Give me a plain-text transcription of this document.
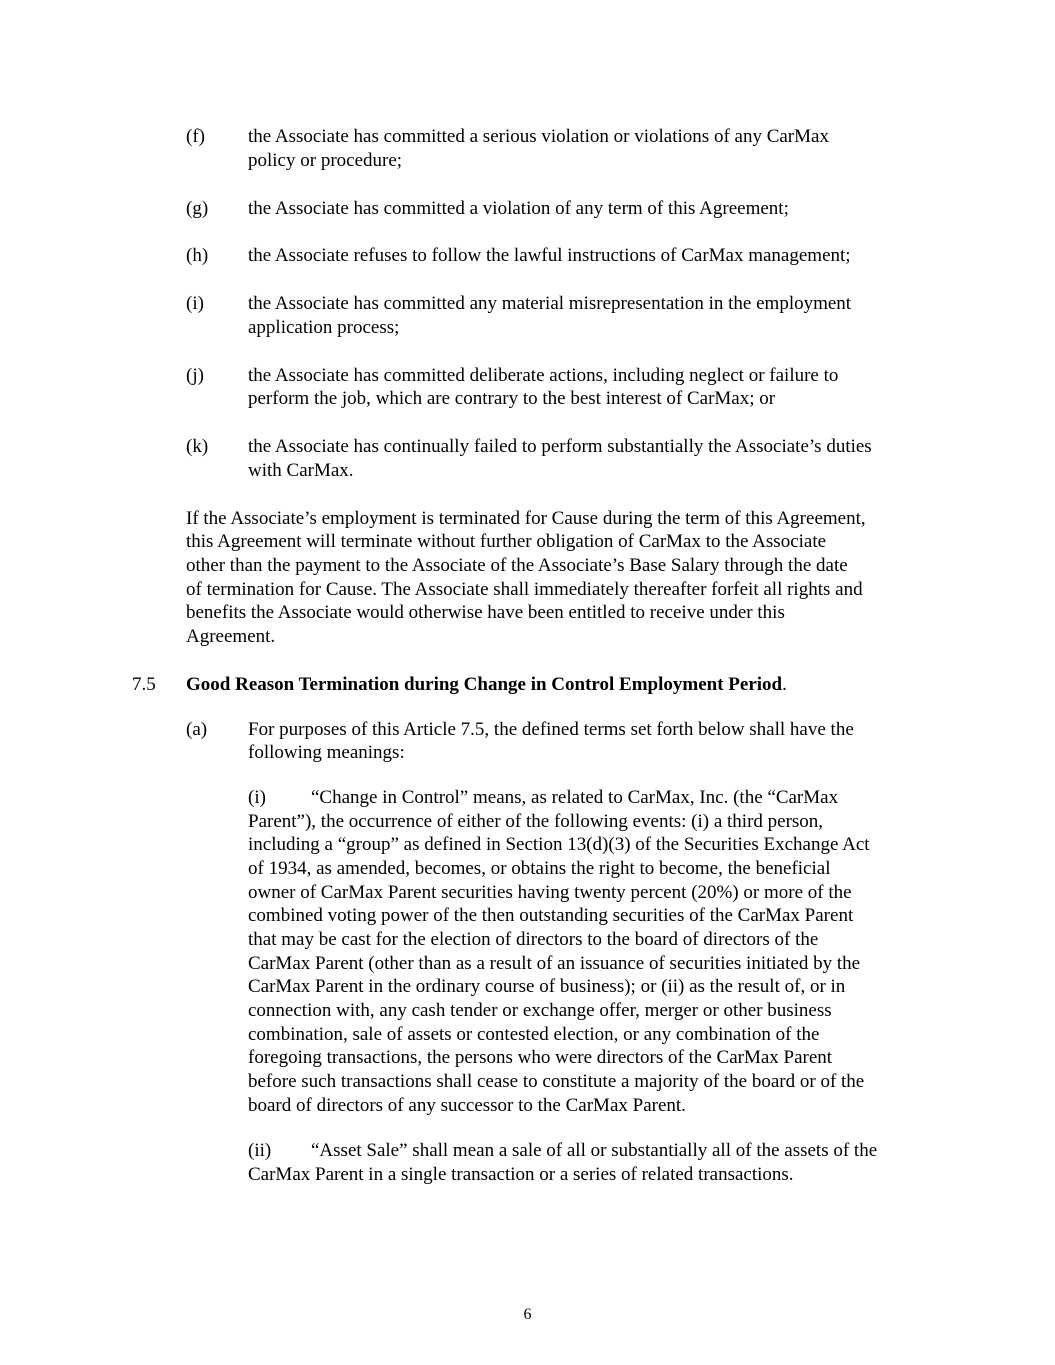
(f) the Associate has committed a serious violation or violations of any CarMax
policy or procedure;
(g) the Associate has committed a violation of any term of this Agreement;
(h) the Associate refuses to follow the lawful instructions of CarMax management;
(i) the Associate has committed any material misrepresentation in the employment
application process;
(j) the Associate has committed deliberate actions, including neglect or failure to
perform the job, which are contrary to the best interest of CarMax; or
(k) the Associate has continually failed to perform substantially the Associate’s duties
with CarMax.
If the Associate’s employment is terminated for Cause during the term of this Agreement,
this Agreement will terminate without further obligation of CarMax to the Associate
other than the payment to the Associate of the Associate’s Base Salary through the date
of termination for Cause. The Associate shall immediately thereafter forfeit all rights and
benefits the Associate would otherwise have been entitled to receive under this
Agreement.
7.5 Good Reason Termination during Change in Control Employment Period.
(a) For purposes of this Article 7.5, the defined terms set forth below shall have the
following meanings:
(i) “Change in Control” means, as related to CarMax, Inc. (the “CarMax
Parent”), the occurrence of either of the following events: (i) a third person,
including a “group” as defined in Section 13(d)(3) of the Securities Exchange Act
of 1934, as amended, becomes, or obtains the right to become, the beneficial
owner of CarMax Parent securities having twenty percent (20%) or more of the
combined voting power of the then outstanding securities of the CarMax Parent
that may be cast for the election of directors to the board of directors of the
CarMax Parent (other than as a result of an issuance of securities initiated by the
CarMax Parent in the ordinary course of business); or (ii) as the result of, or in
connection with, any cash tender or exchange offer, merger or other business
combination, sale of assets or contested election, or any combination of the
foregoing transactions, the persons who were directors of the CarMax Parent
before such transactions shall cease to constitute a majority of the board or of the
board of directors of any successor to the CarMax Parent.
(ii) “Asset Sale” shall mean a sale of all or substantially all of the assets of the
CarMax Parent in a single transaction or a series of related transactions.
6
